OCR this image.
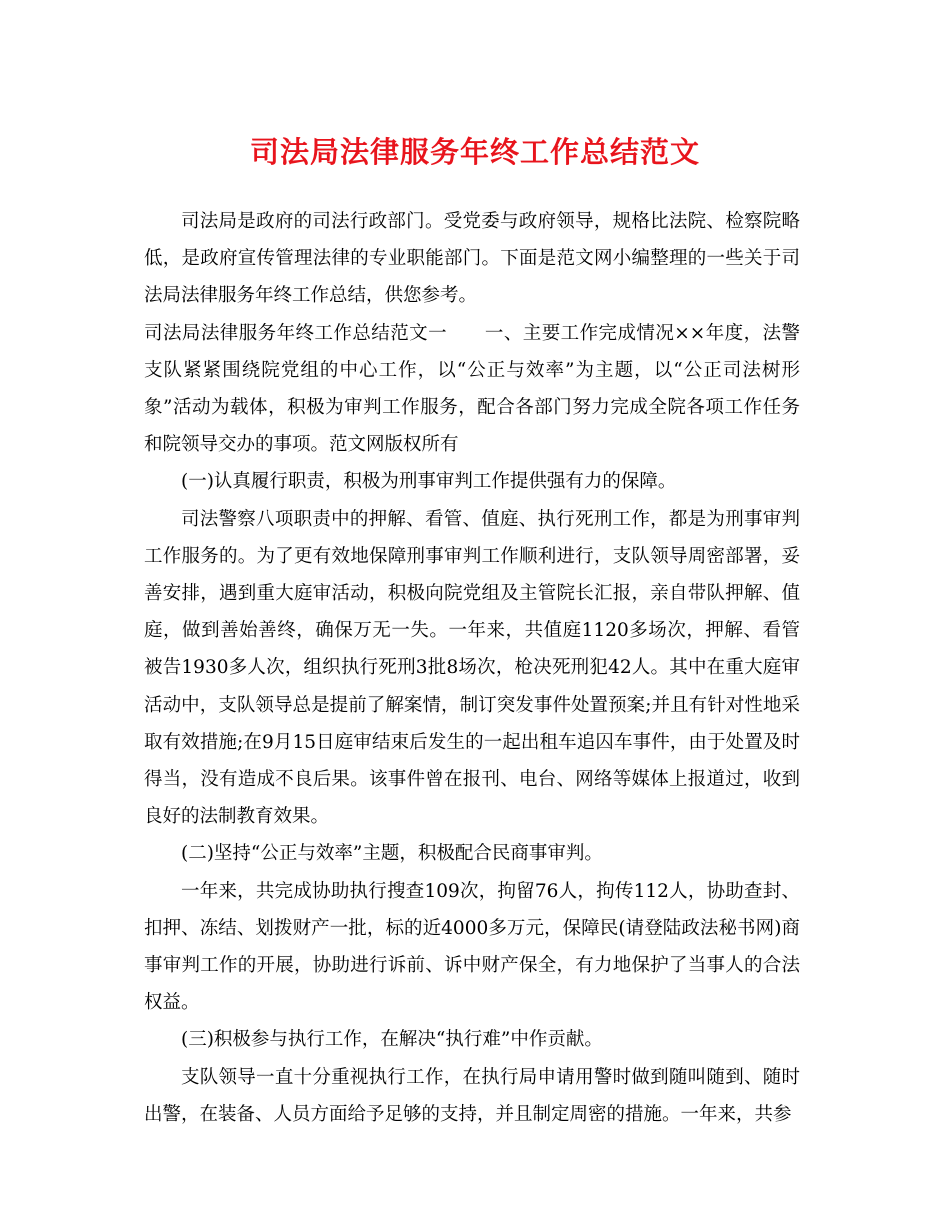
司法局法律服务年终工作总结范文

司法局是政府的司法行政部门。受党委与政府领导，规格比法院、检察院略低，是政府宣传管理法律的专业职能部门。下面是范文网小编整理的一些关于司法局法律服务年终工作总结，供您参考。

司法局法律服务年终工作总结范文一　　一、主要工作完成情况××年度，法警支队紧紧围绕院党组的中心工作，以“公正与效率”为主题，以“公正司法树形象”活动为载体，积极为审判工作服务，配合各部门努力完成全院各项工作任务和院领导交办的事项。范文网版权所有

(一)认真履行职责，积极为刑事审判工作提供强有力的保障。

司法警察八项职责中的押解、看管、值庭、执行死刑工作，都是为刑事审判工作服务的。为了更有效地保障刑事审判工作顺利进行，支队领导周密部署，妥善安排，遇到重大庭审活动，积极向院党组及主管院长汇报，亲自带队押解、值庭，做到善始善终，确保万无一失。一年来，共值庭1120多场次，押解、看管被告1930多人次，组织执行死刑3批8场次，枪决死刑犯42人。其中在重大庭审活动中，支队领导总是提前了解案情，制订突发事件处置预案;并且有针对性地采取有效措施;在9月15日庭审结束后发生的一起出租车追囚车事件，由于处置及时得当，没有造成不良后果。该事件曾在报刊、电台、网络等媒体上报道过，收到良好的法制教育效果。

(二)坚持“公正与效率”主题，积极配合民商事审判。

一年来，共完成协助执行搜查109次，拘留76人，拘传112人，协助查封、扣押、冻结、划拨财产一批，标的近4000多万元，保障民(请登陆政法秘书网)商事审判工作的开展，协助进行诉前、诉中财产保全，有力地保护了当事人的合法权益。

(三)积极参与执行工作，在解决“执行难”中作贡献。

支队领导一直十分重视执行工作，在执行局申请用警时做到随叫随到、随时出警，在装备、人员方面给予足够的支持，并且制定周密的措施。一年来，共参
